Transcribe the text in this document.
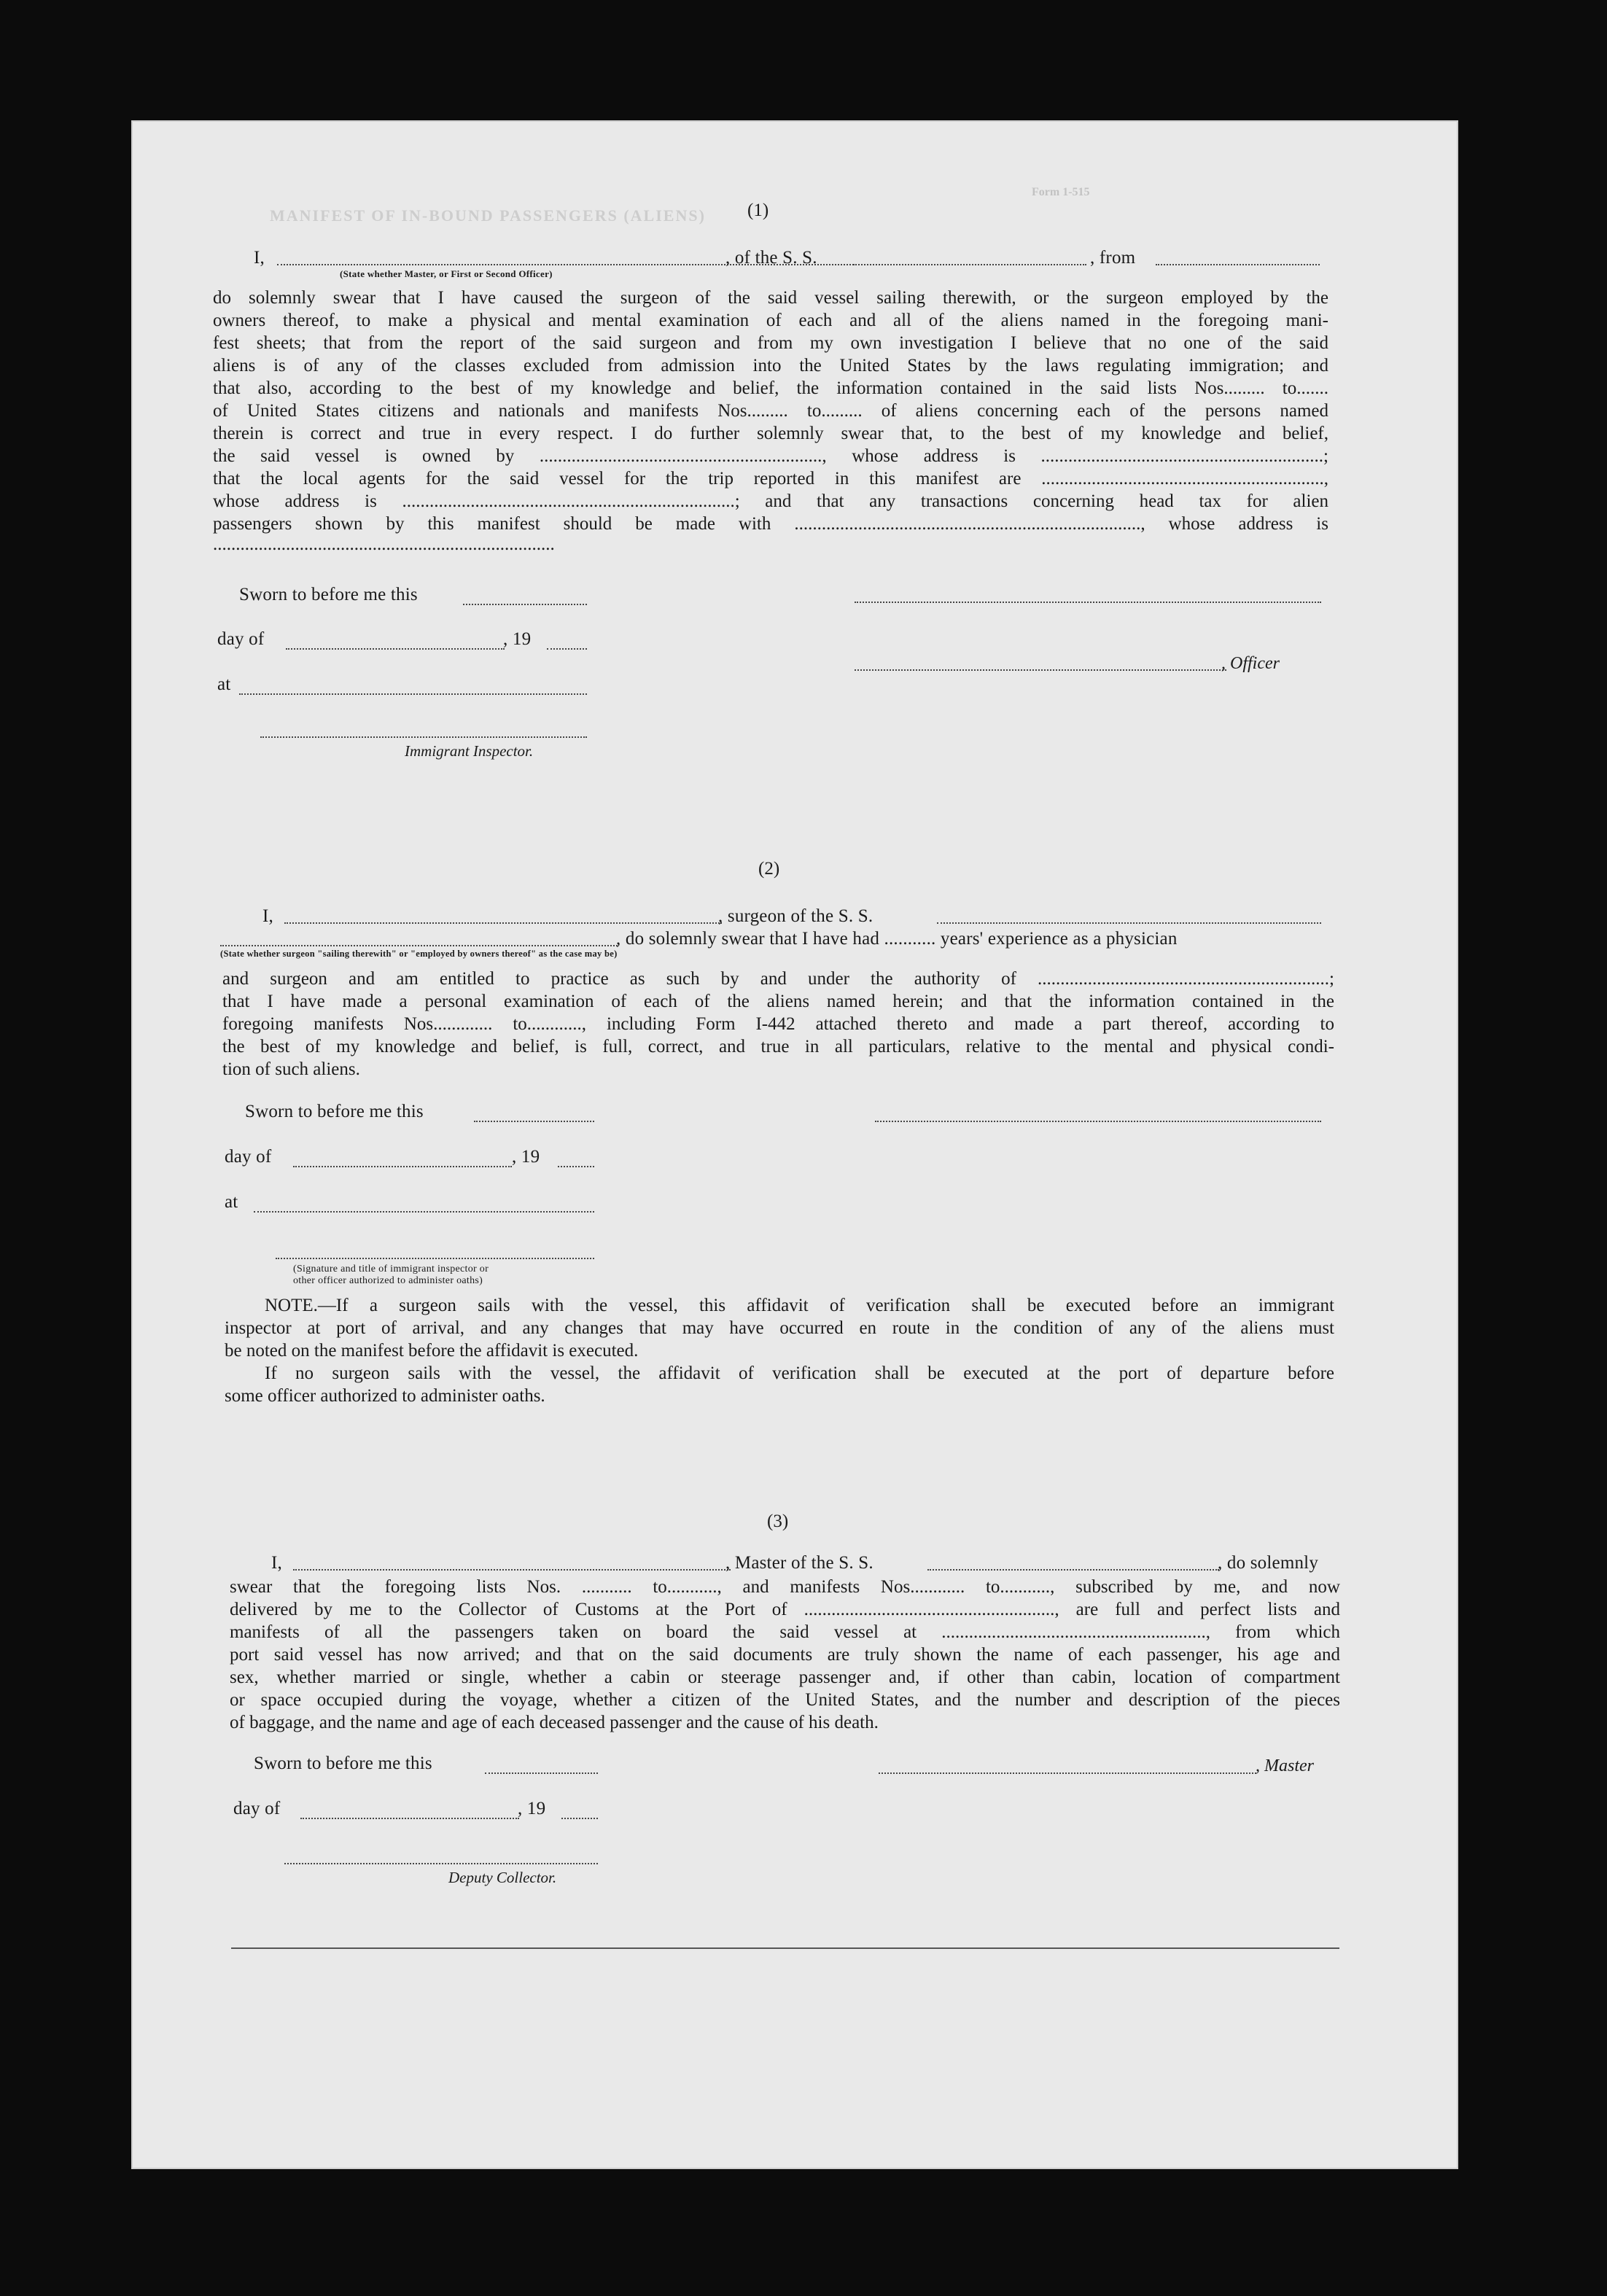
Form 1-515
MANIFEST OF IN-BOUND PASSENGERS (ALIENS) (1)
I,	, of the S. S.	, from
(State whether Master, or First or Second Officer)
do solemnly swear that I have caused the surgeon of the said vessel sailing therewith, or the surgeon employed by the
owners thereof, to make a physical and mental examination of each and all of the aliens named in the foregoing mani-
fest sheets; that from the report of the said surgeon and from my own investigation I believe that no one of the said
aliens is of any of the classes excluded from admission into the United States by the laws regulating immigration; and
that also, according to the best of my knowledge and belief, the information contained in the said lists Nos......... to.......
of United States citizens and nationals and manifests Nos......... to......... of aliens concerning each of the persons named
therein is correct and true in every respect. I do further solemnly swear that, to the best of my knowledge and belief,
the said vessel is owned by .............................................................., whose address is ..............................................................;
that the local agents for the said vessel for the trip reported in this manifest are ..............................................................,
whose address is .........................................................................; and that any transactions concerning head tax for alien
passengers shown by this manifest should be made with ............................................................................, whose address is
...........................................................................
Sworn to before me this
day of	, 19
, Officer
at
Immigrant Inspector.
(2)
I,	, surgeon of the S. S.
, do solemnly swear that I have had ........... years' experience as a physician
(State whether surgeon "sailing therewith" or "employed by owners thereof" as the case may be)
and surgeon and am entitled to practice as such by and under the authority of ................................................................;
that I have made a personal examination of each of the aliens named herein; and that the information contained in the
foregoing manifests Nos............. to............, including Form I-442 attached thereto and made a part thereof, according to
the best of my knowledge and belief, is full, correct, and true in all particulars, relative to the mental and physical condi-
tion of such aliens.
Sworn to before me this
day of	, 19
at
(Signature and title of immigrant inspector or
other officer authorized to administer oaths)
NOTE.—If a surgeon sails with the vessel, this affidavit of verification shall be executed before an immigrant
inspector at port of arrival, and any changes that may have occurred en route in the condition of any of the aliens must
be noted on the manifest before the affidavit is executed.
If no surgeon sails with the vessel, the affidavit of verification shall be executed at the port of departure before
some officer authorized to administer oaths.
(3)
I,	, Master of the S. S.	, do solemnly
swear that the foregoing lists Nos. ........... to..........., and manifests Nos............ to..........., subscribed by me, and now
delivered by me to the Collector of Customs at the Port of ......................................................., are full and perfect lists and
manifests of all the passengers taken on board the said vessel at .........................................................., from which
port said vessel has now arrived; and that on the said documents are truly shown the name of each passenger, his age and
sex, whether married or single, whether a cabin or steerage passenger and, if other than cabin, location of compartment
or space occupied during the voyage, whether a citizen of the United States, and the number and description of the pieces
of baggage, and the name and age of each deceased passenger and the cause of his death.
Sworn to before me this	, Master
day of	, 19
Deputy Collector.
